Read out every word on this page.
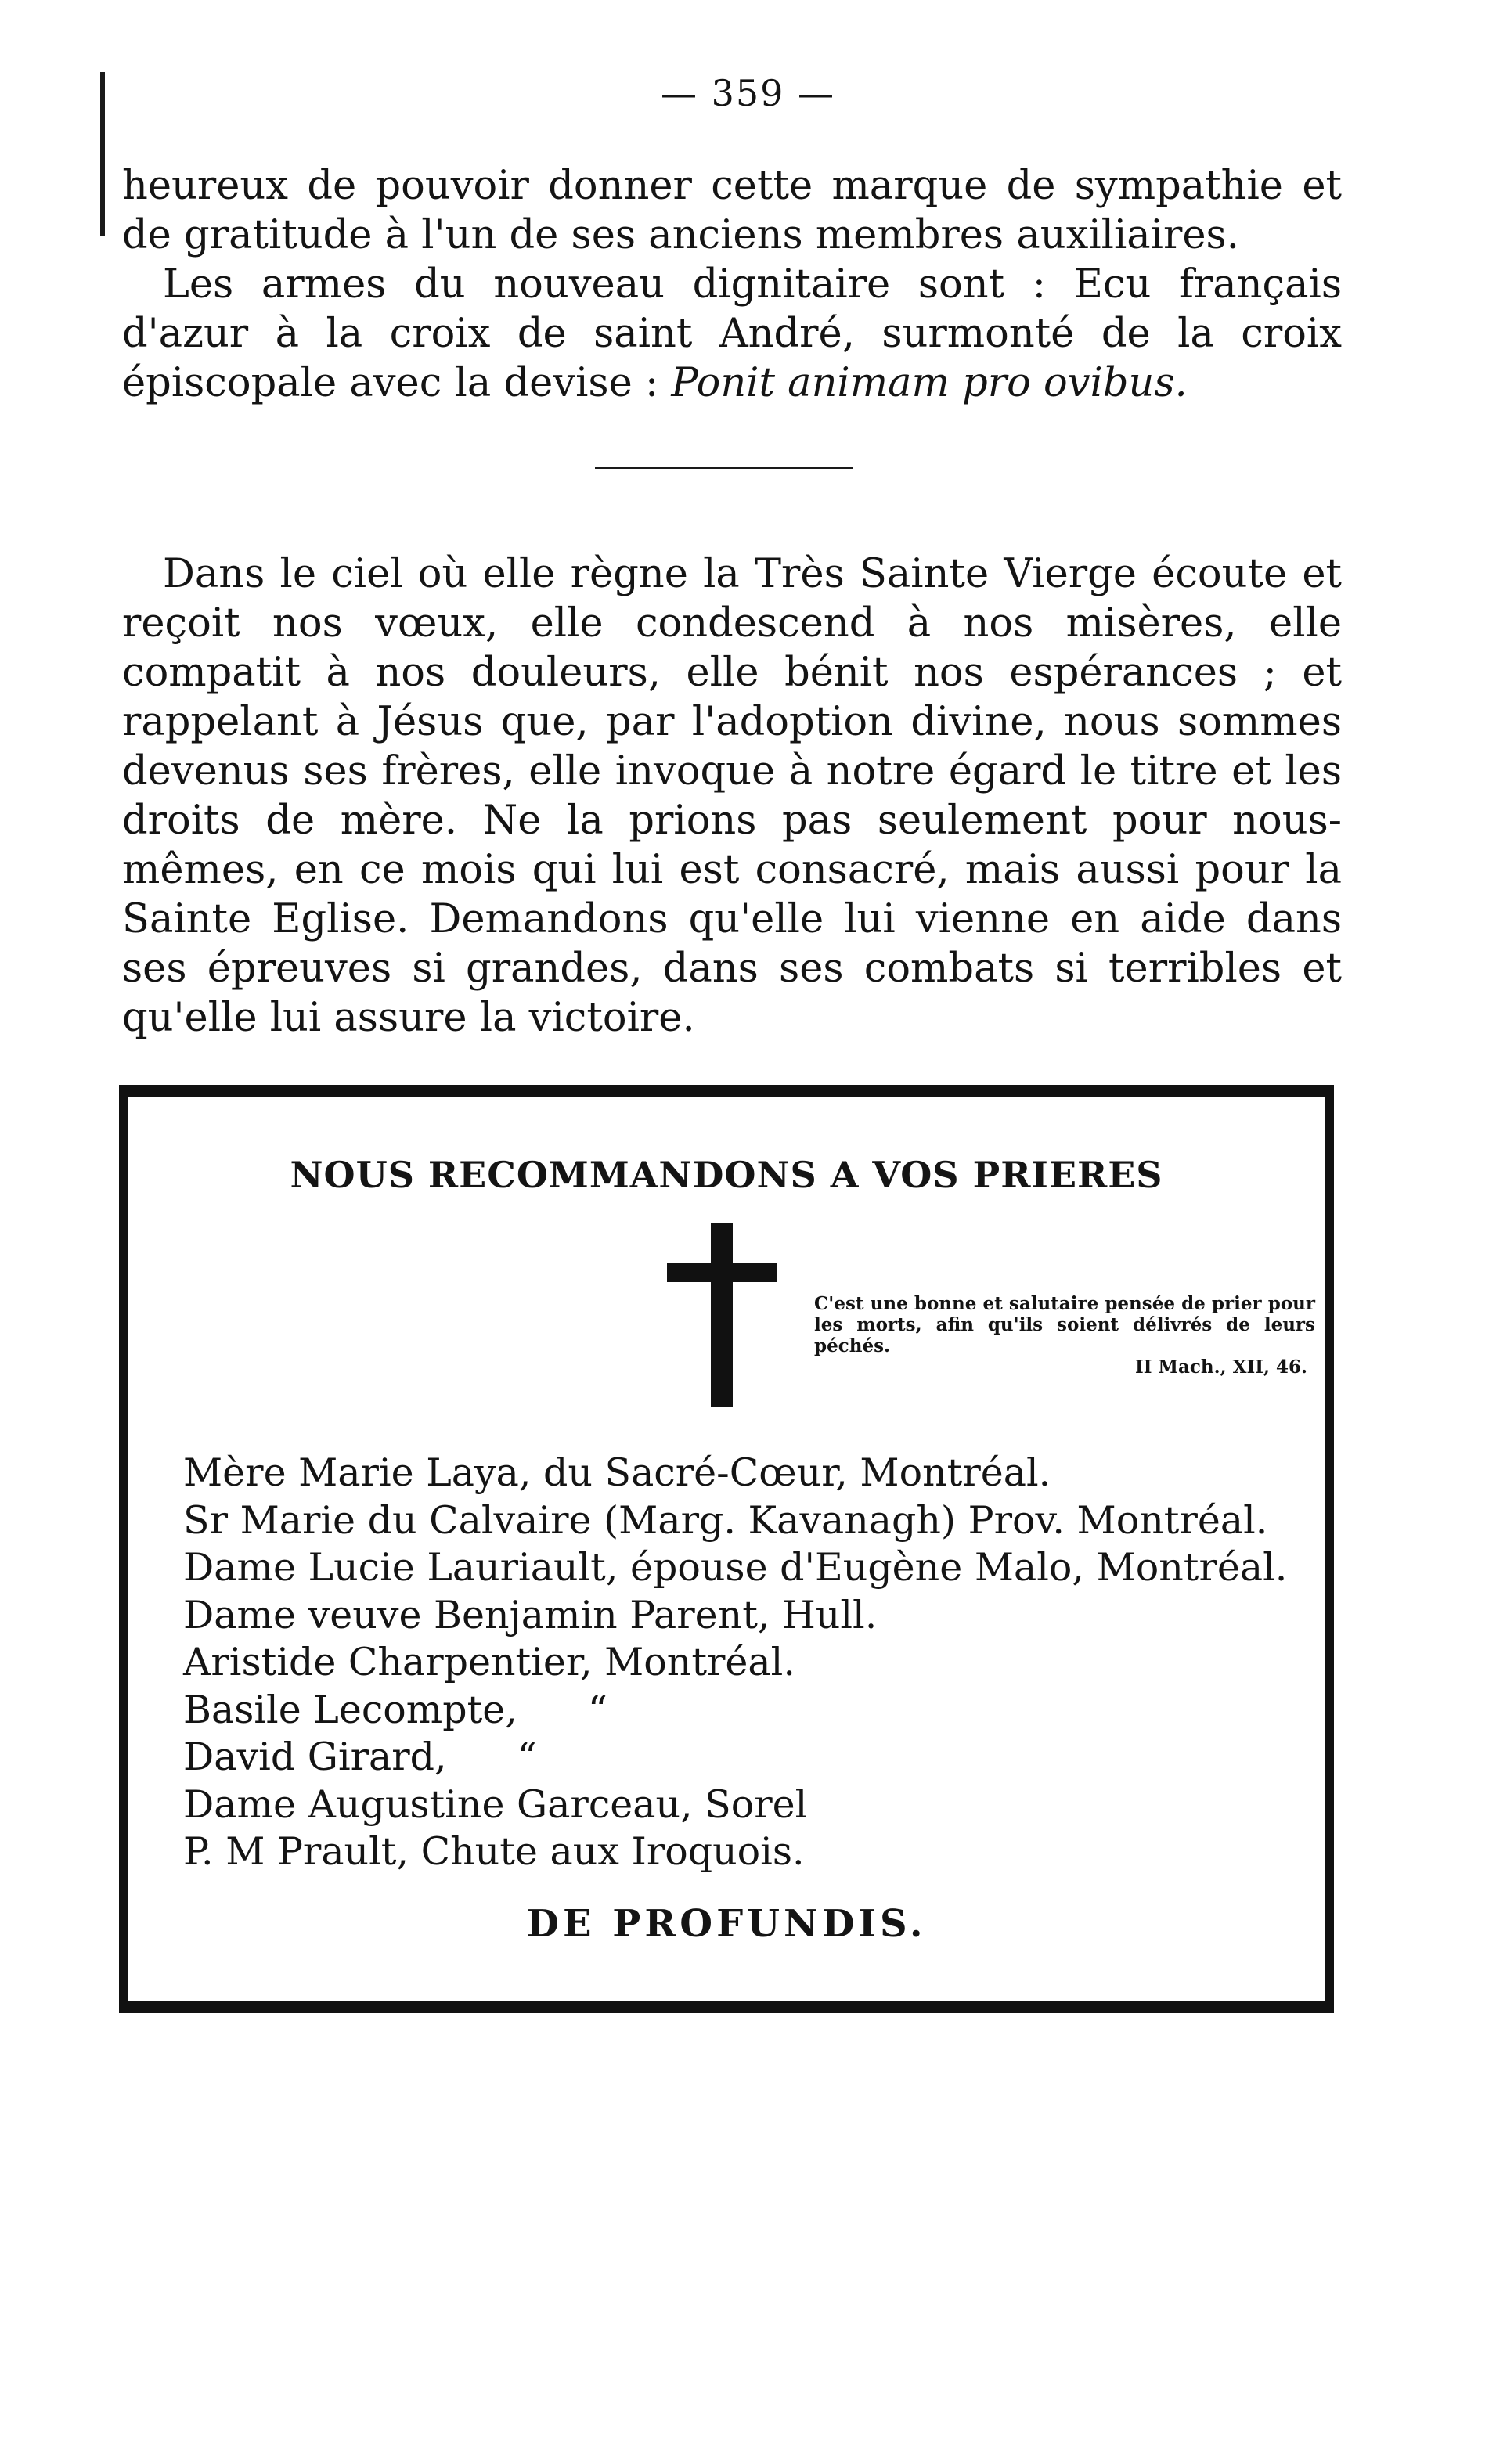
— 359 —

heureux de pouvoir donner cette marque de sympathie et de gratitude à l'un de ses anciens membres auxiliaires.

Les armes du nouveau dignitaire sont : Ecu français d'azur à la croix de saint André, surmonté de la croix épiscopale avec la devise : Ponit animam pro ovibus.

Dans le ciel où elle règne la Très Sainte Vierge écoute et reçoit nos vœux, elle condescend à nos misères, elle compatit à nos douleurs, elle bénit nos espérances ; et rappelant à Jésus que, par l'adoption divine, nous sommes devenus ses frères, elle invoque à notre égard le titre et les droits de mère. Ne la prions pas seulement pour nous-mêmes, en ce mois qui lui est consacré, mais aussi pour la Sainte Eglise. Demandons qu'elle lui vienne en aide dans ses épreuves si grandes, dans ses combats si terribles et qu'elle lui assure la victoire.

NOUS RECOMMANDONS A VOS PRIERES
C'est une bonne et salutaire pensée de prier pour les morts, afin qu'ils soient délivrés de leurs péchés.
II Mach., XII, 46.
Mère Marie Laya, du Sacré-Cœur, Montréal.
Sr Marie du Calvaire (Marg. Kavanagh) Prov. Montréal.
Dame Lucie Lauriault, épouse d'Eugène Malo, Montréal.
Dame veuve Benjamin Parent, Hull.
Aristide Charpentier, Montréal.
Basile Lecompte, “
David Girard, “
Dame Augustine Garceau, Sorel
P. M Prault, Chute aux Iroquois.
DE PROFUNDIS.
